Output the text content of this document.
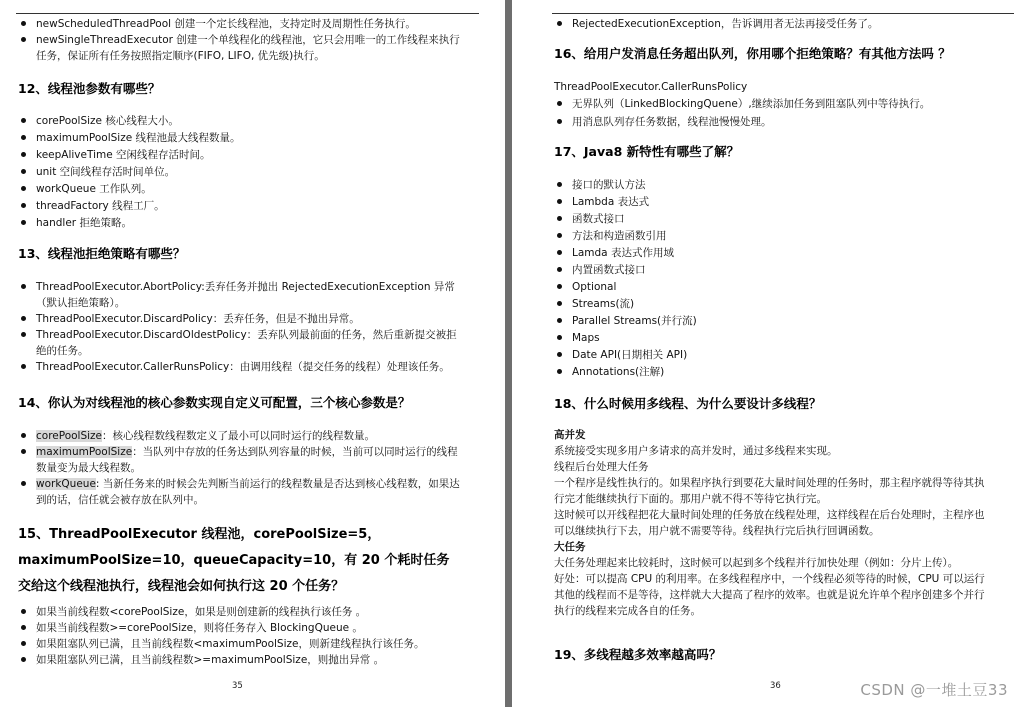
newScheduledThreadPool 创建一个定长线程池，支持定时及周期性任务执行。
newSingleThreadExecutor 创建一个单线程化的线程池，它只会用唯一的工作线程来执行任务，保证所有任务按照指定顺序(FIFO, LIFO, 优先级)执行。
12、线程池参数有哪些？
corePoolSize 核心线程大小。
maximumPoolSize 线程池最大线程数量。
keepAliveTime 空闲线程存活时间。
unit 空间线程存活时间单位。
workQueue 工作队列。
threadFactory 线程工厂。
handler 拒绝策略。
13、线程池拒绝策略有哪些？
ThreadPoolExecutor.AbortPolicy:丢弃任务并抛出 RejectedExecutionException 异常（默认拒绝策略）。
ThreadPoolExecutor.DiscardPolicy：丢弃任务，但是不抛出异常。
ThreadPoolExecutor.DiscardOldestPolicy：丢弃队列最前面的任务，然后重新提交被拒绝的任务。
ThreadPoolExecutor.CallerRunsPolicy：由调用线程（提交任务的线程）处理该任务。
14、你认为对线程池的核心参数实现自定义可配置，三个核心参数是？
corePoolSize：核心线程数线程数定义了最小可以同时运行的线程数量。
maximumPoolSize：当队列中存放的任务达到队列容量的时候，当前可以同时运行的线程数量变为最大线程数。
workQueue: 当新任务来的时候会先判断当前运行的线程数量是否达到核心线程数，如果达到的话，信任就会被存放在队列中。
15、ThreadPoolExecutor 线程池，corePoolSize=5，maximumPoolSize=10，queueCapacity=10，有 20 个耗时任务 交给这个线程池执行，线程池会如何执行这 20 个任务？
如果当前线程数<corePoolSize，如果是则创建新的线程执行该任务 。
如果当前线程数>=corePoolSize，则将任务存入 BlockingQueue 。
如果阻塞队列已满，且当前线程数<maximumPoolSize，则新建线程执行该任务。
如果阻塞队列已满，且当前线程数>=maximumPoolSize，则抛出异常 。
35
RejectedExecutionException，告诉调用者无法再接受任务了。
16、给用户发消息任务超出队列，你用哪个拒绝策略？有其他方法吗 ？

ThreadPoolExecutor.CallerRunsPolicy

无界队列（LinkedBlockingQuene）,继续添加任务到阻塞队列中等待执行。
用消息队列存任务数据，线程池慢慢处理。
17、Java8 新特性有哪些了解？
接口的默认方法
Lambda 表达式
函数式接口
方法和构造函数引用
Lamda 表达式作用域
内置函数式接口
Optional
Streams(流)
Parallel Streams(并行流)
Maps
Date API(日期相关 API)
Annotations(注解)
18、什么时候用多线程、为什么要设计多线程？

高并发

系统接受实现多用户多请求的高并发时，通过多线程来实现。

线程后台处理大任务

一个程序是线性执行的。如果程序执行到要花大量时间处理的任务时，那主程序就得等待其执行完才能继续执行下面的。那用户就不得不等待它执行完。

这时候可以开线程把花大量时间处理的任务放在线程处理，这样线程在后台处理时，主程序也可以继续执行下去，用户就不需要等待。线程执行完后执行回调函数。

大任务

大任务处理起来比较耗时，这时候可以起到多个线程并行加快处理（例如：分片上传）。

好处：可以提高 CPU 的利用率。在多线程程序中，一个线程必须等待的时候，CPU 可以运行其他的线程而不是等待，这样就大大提高了程序的效率。也就是说允许单个程序创建多个并行执行的线程来完成各自的任务。

19、多线程越多效率越高吗？
36	CSDN @一堆土豆33
